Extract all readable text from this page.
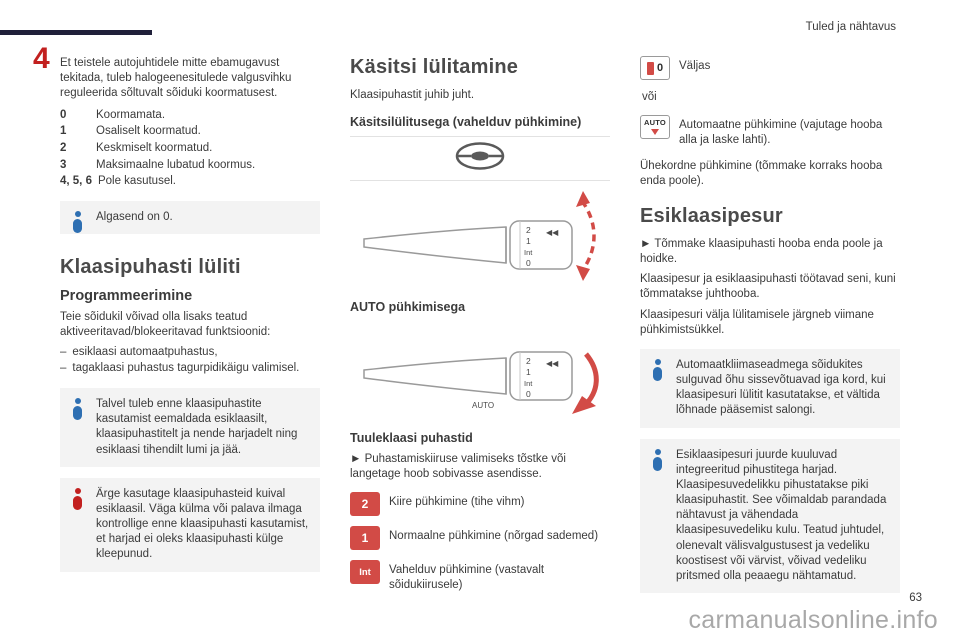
Tuled ja nähtavus
4 Et teistele autojuhtidele mitte ebamugavust tekitada, tuleb halogeenesitulede valgusvihku reguleerida sõltuvalt sõiduki koormatusest.

0	Koormamata.
1	Osaliselt koormatud.
2	Keskmiselt koormatud.
3	Maksimaalne lubatud koormus.
4, 5, 6 Pole kasutusel.
Algasend on 0.
Klaasipuhasti lüliti
Programmeerimine

Teie sõidukil võivad olla lisaks teatud aktiveeritavad/blokeeritavad funktsioonid:

– esiklaasi automaatpuhastus,
– tagaklaasi puhastus tagurpidikäigu valimisel.
Talvel tuleb enne klaasipuhastite kasutamist eemaldada esiklaasilt, klaasipuhastitelt ja nende harjadelt ning esiklaasi tihendilt lumi ja jää.
Ärge kasutage klaasipuhasteid kuival esiklaasil. Väga külma või palava ilmaga kontrollige enne klaasipuhasti kasutamist, et harjad ei oleks klaasipuhasti külge kleepunud.
Käsitsi lülitamine

Klaasipuhastit juhib juht.

Käsitsilülitusega (vahelduv pühkimine)
2
1
Int
0
◀◀
AUTO pühkimisega
2
1
Int
0
◀◀
AUTO
Tuuleklaasi puhastid

► Puhastamiskiiruse valimiseks tõstke või langetage hoob sobivasse asendisse.

2	Kiire pühkimine (tihe vihm)
1	Normaalne pühkimine (nõrgad sademed)
Int	Vahelduv pühkimine (vastavalt sõidukiirusele)
0 Väljas

või

AUTO Automaatne pühkimine (vajutage hooba alla ja laske lahti).

Ühekordne pühkimine (tõmmake korraks hooba enda poole).

Esiklaasipesur

► Tõmmake klaasipuhasti hooba enda poole ja hoidke.

Klaasipesur ja esiklaasipuhasti töötavad seni, kuni tõmmatakse juhthooba.

Klaasipesuri välja lülitamisele järgneb viimane pühkimistsükkel.

Automaatkliimaseadmega sõidukites sulguvad õhu sissevõtuavad iga kord, kui klaasipesuri lülitit kasutatakse, et vältida lõhnade pääsemist salongi.
Esiklaasipesuri juurde kuuluvad integreeritud pihustitega harjad. Klaasipesuvedelikku pihustatakse piki klaasipuhastit. See võimaldab parandada nähtavust ja vähendada klaasipesuvedeliku kulu. Teatud juhtudel, olenevalt välisvalgustusest ja vedeliku koostisest või värvist, võivad vedeliku pritsmed olla peaaegu nähtamatud.
63
carmanualsonline.info
